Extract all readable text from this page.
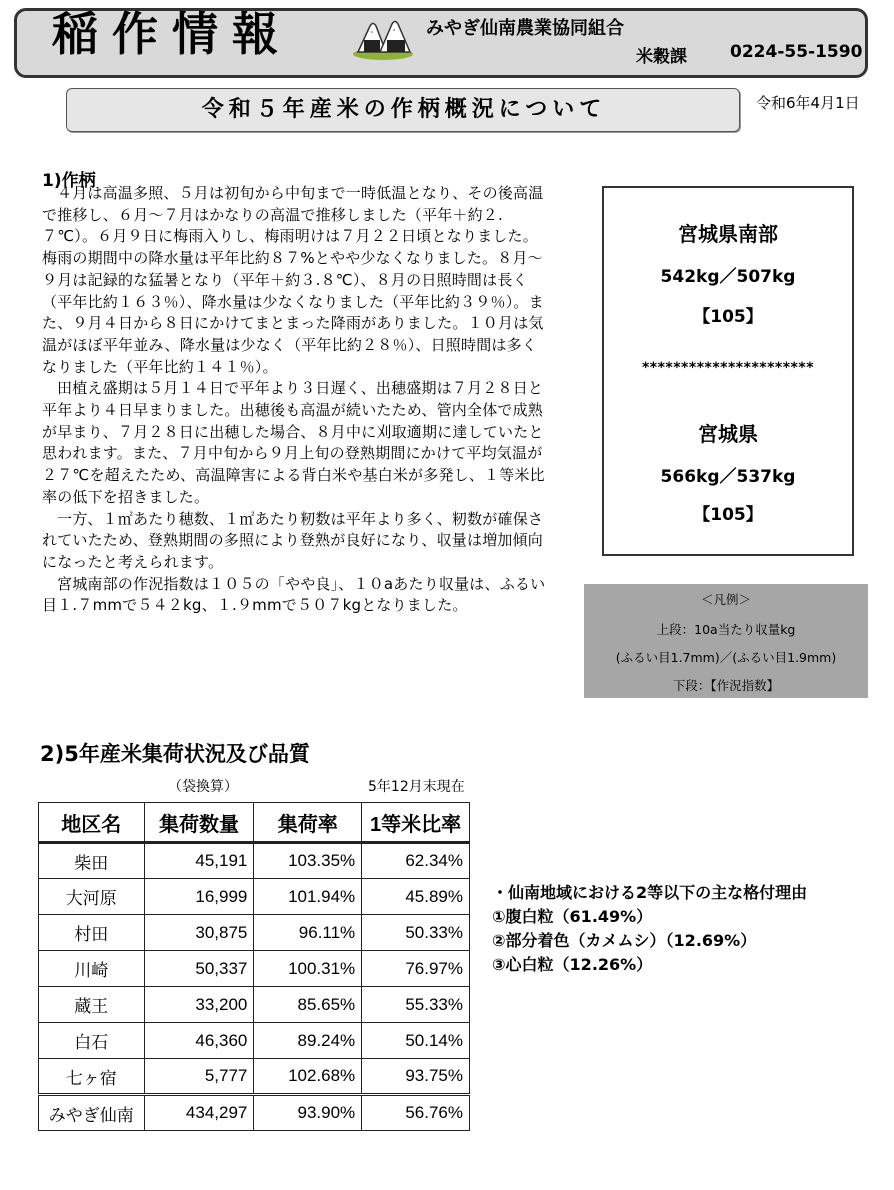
稲作情報	みやぎ仙南農業協同組合
米穀課	0224-55-1590
令和５年産米の作柄概況について	令和6年4月1日
1)作柄

４月は高温多照、５月は初旬から中旬まで一時低温となり、その後高温で推移し、６月～７月はかなりの高温で推移しました（平年＋約２.７℃）。６月９日に梅雨入りし、梅雨明けは７月２２日頃となりました。梅雨の期間中の降水量は平年比約８７%とやや少なくなりました。８月～９月は記録的な猛暑となり（平年＋約３.８℃）、８月の日照時間は長く（平年比約１６３％）、降水量は少なくなりました（平年比約３９％）。また、９月４日から８日にかけてまとまった降雨がありました。１０月は気温がほぼ平年並み、降水量は少なく（平年比約２８％）、日照時間は多くなりました（平年比約１４１％）。

田植え盛期は５月１４日で平年より３日遅く、出穂盛期は７月２８日と平年より４日早まりました。出穂後も高温が続いたため、管内全体で成熟が早まり、７月２８日に出穂した場合、８月中に刈取適期に達していたと思われます。また、７月中旬から９月上旬の登熟期間にかけて平均気温が２７℃を超えたため、高温障害による背白米や基白米が多発し、１等米比率の低下を招きました。

一方、１㎡あたり穂数、１㎡あたり籾数は平年より多く、籾数が確保されていたため、登熟期間の多照により登熟が良好になり、収量は増加傾向になったと考えられます。

宮城南部の作況指数は１０５の「やや良」、１０aあたり収量は、ふるい目１.７mmで５４２kg、１.９mmで５０７kgとなりました。

宮城県南部
542kg／507kg
【105】
**********************
宮城県
566kg／537kg
【105】
＜凡例＞
上段：10a当たり収量kg
(ふるい目1.7mm)／(ふるい目1.9mm)
下段：【作況指数】
2)5年産米集荷状況及び品質
（袋換算）	5年12月末現在
地区名	集荷数量	集荷率	1等米比率
柴田	45,191	103.35%	62.34%
大河原	16,999	101.94%	45.89%
村田	30,875	96.11%	50.33%
川崎	50,337	100.31%	76.97%
蔵王	33,200	85.65%	55.33%
白石	46,360	89.24%	50.14%
七ヶ宿	5,777	102.68%	93.75%
みやぎ仙南	434,297	93.90%	56.76%
・仙南地域における2等以下の主な格付理由
①腹白粒（61.49%）
②部分着色（カメムシ）（12.69%）
③心白粒（12.26%）
